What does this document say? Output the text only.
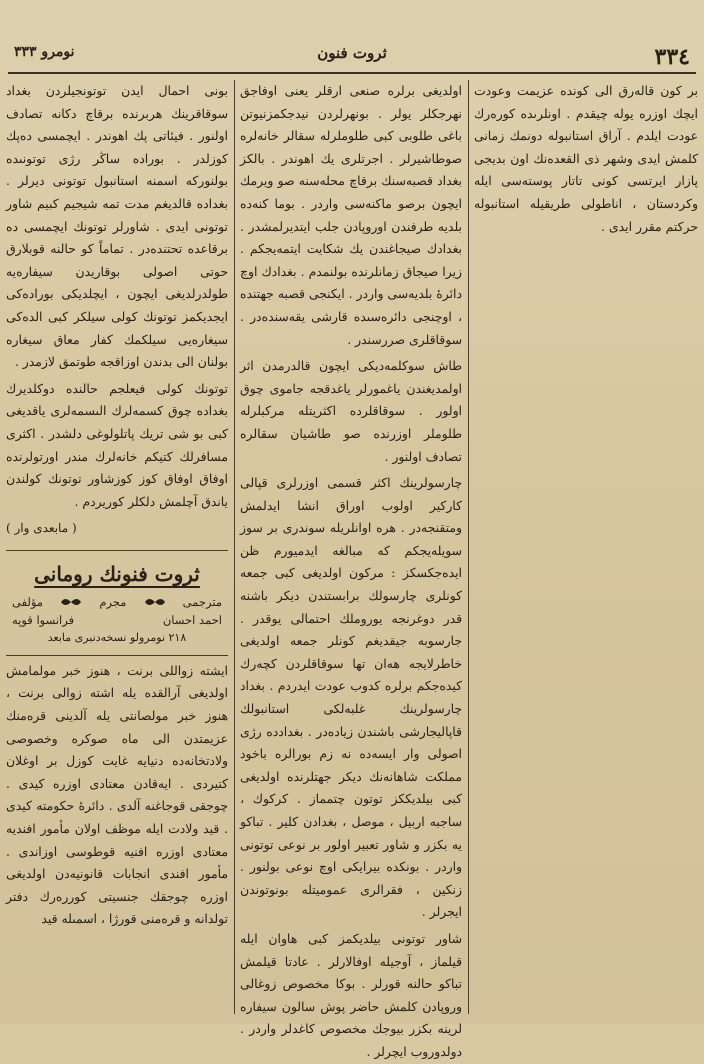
٣٣٤
ثروت فنون
نومرو ٣٣٣

بر كون قالەرق الى كوندە عزيمت وعودت ايچك اوزرە يولە چيقدم . اونلرىدە كورەرك عودت ايلدم . آراق استانبولە دونمك زمانى كلمش ايدى وشهر ذى القعدەنك اون بديجى پازار ايرتسى كونى تاتار پوستەسى ايلە وكردستان ، اناطولى طريقيلە استانبولە حركتم مقرر ايدى .

اولديغى برلرە صنعى ارقلر يعنى اوفاجق نهرجكلر يولر . بونهرلردن نيدجكمزنيوتن باغى طلوبى كبى طلوملرلە سقالر خانەلرە صوطاشيرلر . اجرتلرى يك اهوندر . بالكز بغداد قصبەسنك برقاچ محلەسنە صو ويرمك ايچون برصو ماكنەسى واردر . بوما كنەدە بلديە طرفندن اوروپادن جلب ايتديرلمشدر . بغدادك صيجاغندن يك شكايت ايتمەيجكم . زيرا صيجاق زمانلرندە بولنمدم . بغدادك اوچ دائرۀ بلديەسى واردر . ايكنجى قصبە جهتندە ، اوچنجى دائرەسىدە قارشى يقەسندەدر . سوقاقلرى صررسندر .

طاش سوكلمەديكى ايچون قالدرمدن اثر اولمديغندن ياغمورلر ياغدقجە جاموى چوق اولور . سوقاقلردە اكثريتلە مركبلرلە طلوملر اوزرندە صو طاشيان سقالرە تصادف اولنور .

چارسولرينك اكثر قسمى اوزرلرى قپالى كاركير اولوب اوراق انشا ايدلمش ومتقنجەدر . هرە اوانلريلە سوندرى بر سوز سويلەيجكم كە مبالغە ايدميورم ظن ايدەجكسكز : مركون اولديغى كبى جمعە كونلرى چارسولك برابستندن ديكر باشنە قدر دوغرنجە يوروملك احتمالى يوقدر . جارسوبە جيقديغم كونلر جمعە اولديغى خاطرلايجە هەان تها سوقاقلردن كچەرك كيدەجكم برلرە كدوب عودت ايدردم . بغداد چارسولرينك غلبەلكى استانبولك قاپاليجارشى باشندن زيادەدر . بغداددە رژى اصولى وار ايسەدە نە زم بورالرە باخود مملكت شاهانەنك ديكر جهتلرندە اولديغى كبى بيلديككز توتون چتمماز . كركوك ، ساجبە اربيل ، موصل ، بغدادن كلير . تباكو يە بكزر و شاور تعبير اولور بر نوعى توتونى واردر . بونكدە بيرايكى اوچ نوعى بولنور . زنكين ، فقرالرى عموميتلە بونوتوندن ايجرلر .

شاور توتونى بيلديكمز كبى هاوان ايلە قيلماز ، آوجيلە اوفالارلر . عادتا قيلمش تباكو حالنە قورلر . بوكا مخصوص زوغالى وروپادن كلمش حاضر پوش سالون سيفارە لرينە بكزر بيوجك مخصوص كاغدلر واردر . دولدوروب ايچرلر .

بونى احمال ايدن توتونجيلردن بغداد سوقاقرينك هربرندە برقاچ دكانە تصادف اولنور . فيئاتى پك اهوندر . ايچمسى دەپك كوزلدر . بورادە ساڭر رژى توتونىدە بولنوركە اسمنە استانبول توتونى ديرلر . بغدادە قالديغم مدت تمە شيجيم كبيم شاور توتونى ايدى . شاورلر توتونك ايچمسى دە برقاعدە تحتندەدر . تماماً كو حالنە قوبلارق حوتى اصولى بوقاريدن سيفارەيە طولدرلديغى ايچون ، ايچلديكى بورادەكى ايجديكمز توتونك كولى سيلكر كبى الدەكى سيغارەيى سيلكمك كفار معاق سيغارە بولنان الى بدندن اوزاقجە طوتمق لازمدر .

توتونك كولى فيعلجم حالندە دوكلديرك بغدادە چوق كسمەلرك الىسمەلرى ياقديغى كبى بو شى تريك پاتلولوغى دلشدر . اكثرى مسافرلك كتيكم خانەلرك مندر اورتولرندە اوفاق اوفاق كوز كوزشاور توتونك كولندن ياندق آچلمش دلكلر كوريردم .

( مابعدى وار )
ثروت فنونك رومانى
مترجمى
مجرم
مؤلفى
احمد احسان
فرانسوا قوپه
٢١٨ نومرولو نسخەدنبرى مابعد

ايشتە زواللى برنت ، هنوز خبر مولمامش اولديغى آرالقدە يلە اشته زوالى برنت ، هنوز خبر مولصانتى يلە آلدينى قرەمنك عزيمتدن الى ماه صوكرە وخصوصى ولادتخانەدە دنيايە غايت كوزل بر اوغلان كتيردى . ايەقادن معتادى اوزرە كيدى . چوجقى قوجاغنە آلدى . دائرۀ حكومتە كيدى . قيد ولادت ايلە موظف اولان مأمور افنديە معتادى اوزرە افنيە قوطوسى اوزاندى . مأمور افندى انجابات قانونيەدن اولديغى اوزرە چوجقك جنسيتى كوررەرك دفتر تولدانە و قرەمنى قورژا ، اسمىلە قيد
